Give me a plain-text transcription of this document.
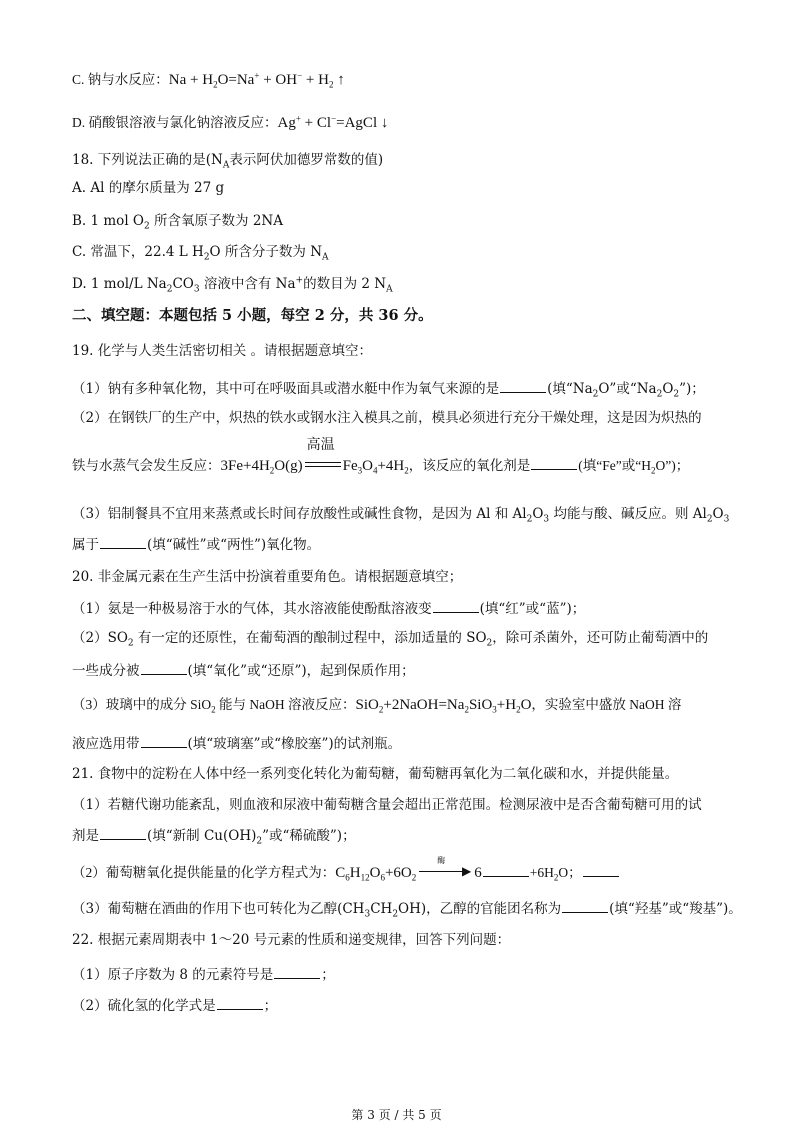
C. 钠与水反应：$Na + H_2O=Na^+ + OH^- + H_2$ ↑
D. 硝酸银溶液与氯化钠溶液反应：Ag+ + Cl−=AgCl ↓
18. 下列说法正确的是($N_A$表示阿伏加德罗常数的值)
A. Al 的摩尔质量为 27 g
B. 1 mol $O_2$ 所含氧原子数为 2NA
C. 常温下，22.4 L $H_2O$ 所含分子数为 $N_A$
D. 1 mol/L $Na_2CO_3$ 溶液中含有 Na+的数目为 2 $N_A$
二、填空题：本题包括 5 小题，每空 2 分，共 36 分。
19. 化学与人类生活密切相关 。请根据题意填空：
（1）钠有多种氧化物，其中可在呼吸面具或潜水艇中作为氧气来源的是	(填“$Na_2O$”或“$Na_2O_2$”)；
（2）在钢铁厂的生产中，炽热的铁水或钢水注入模具之前，模具必须进行充分干燥处理，这是因为炽热的
铁与水蒸气会发生反应：$3Fe+4H_2O(g)$
高温
$Fe_3O_4+4H_2$，该反应的氧化剂是	(填“Fe”或“$H_2O$”)；
（3）铝制餐具不宜用来蒸煮或长时间存放酸性或碱性食物，是因为 Al 和 $Al_2O_3$ 均能与酸、碱反应。则 $Al_2O_3$
属于	(填“碱性”或“两性”)氧化物。
20. 非金属元素在生产生活中扮演着重要角色。请根据题意填空；
（1）氨是一种极易溶于水的气体，其水溶液能使酚酞溶液变	(填“红”或“蓝”)；
$(2)SO_2$ 有一定的还原性，在葡萄酒的酿制过程中，添加适量的 $SO_2$，除可杀菌外，还可防止葡萄酒中的
一些成分被	(填“氧化”或“还原”)，起到保质作用；
（3）玻璃中的成分 SiO$_2$ 能与 NaOH 溶液反应：$SiO_2+2NaOH=Na_2SiO_3+H_2O$，实验室中盛放 NaOH 溶
液应选用带	(填“玻璃塞”或“橡胶塞”)的试剂瓶。
21. 食物中的淀粉在人体中经一系列变化转化为葡萄糖，葡萄糖再氧化为二氧化碳和水，并提供能量。
（1）若糖代谢功能紊乱，则血液和尿液中葡萄糖含量会超出正常范围。检测尿液中是否含葡萄糖可用的试
剂是	(填“新制 $Cu(OH)_2$”或“稀硫酸”)；
（2）葡萄糖氧化提供能量的化学方程式为：$C_6H_{12}O_6+6O_2$
酶
▶ 6	$+6H_2O$；
（3）葡萄糖在酒曲的作用下也可转化为乙醇$(CH_3CH_2OH)$，乙醇的官能团名称为	(填“羟基”或“羧基”)。
22. 根据元素周期表中 1～20 号元素的性质和递变规律，回答下列问题：
（1）原子序数为 8 的元素符号是	；
（2）硫化氢的化学式是	；
第 3 页 / 共 5 页
